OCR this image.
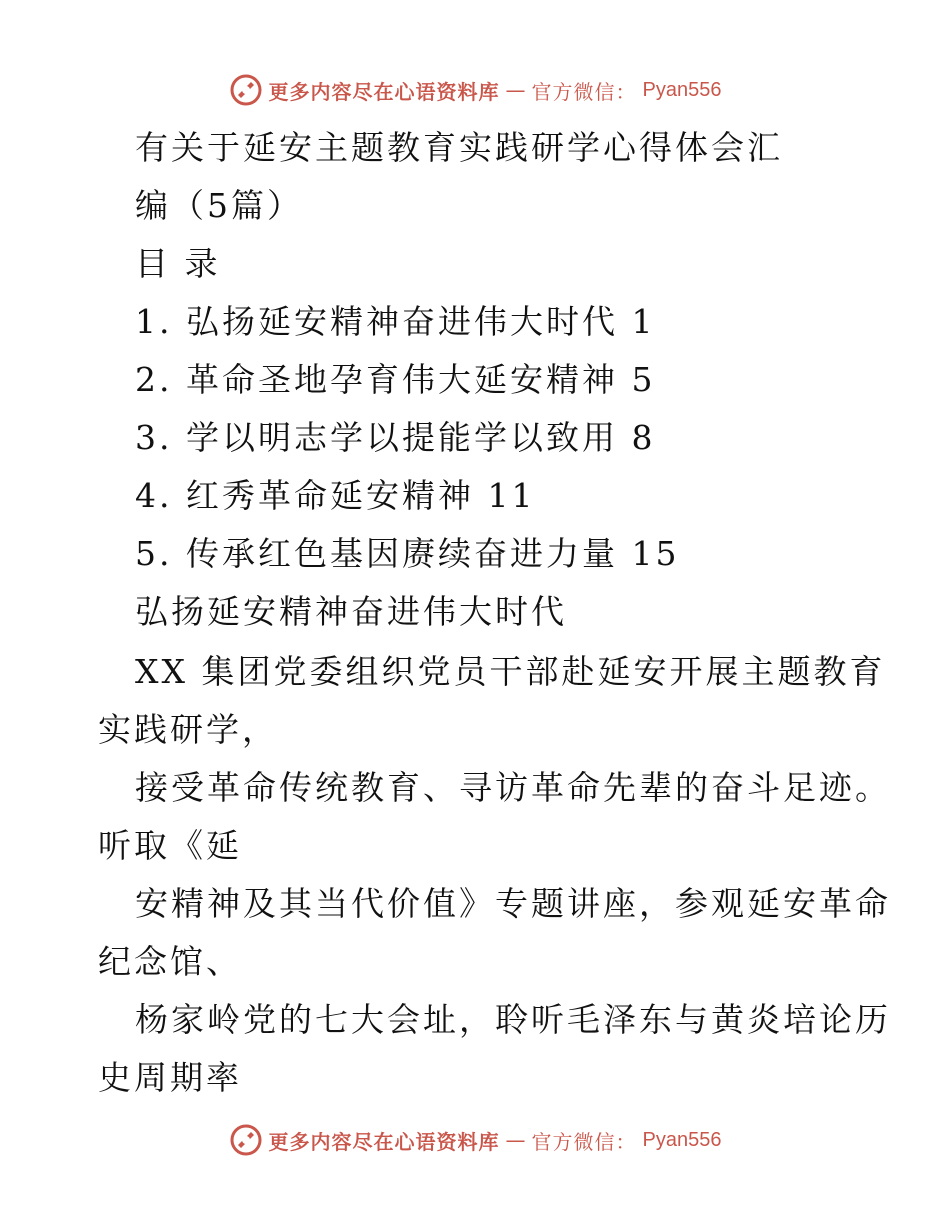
更多内容尽在心语资料库 — 官方微信： Pyan556
有关于延安主题教育实践研学心得体会汇
编（5篇）
目 录
1. 弘扬延安精神奋进伟大时代 1
2. 革命圣地孕育伟大延安精神 5
3. 学以明志学以提能学以致用 8
4. 红秀革命延安精神 11
5. 传承红色基因赓续奋进力量 15
弘扬延安精神奋进伟大时代
XX 集团党委组织党员干部赴延安开展主题教育
实践研学，
接受革命传统教育、寻访革命先辈的奋斗足迹。
听取《延
安精神及其当代价值》专题讲座，参观延安革命
纪念馆、
杨家岭党的七大会址，聆听毛泽东与黄炎培论历
史周期率
更多内容尽在心语资料库 — 官方微信： Pyan556
